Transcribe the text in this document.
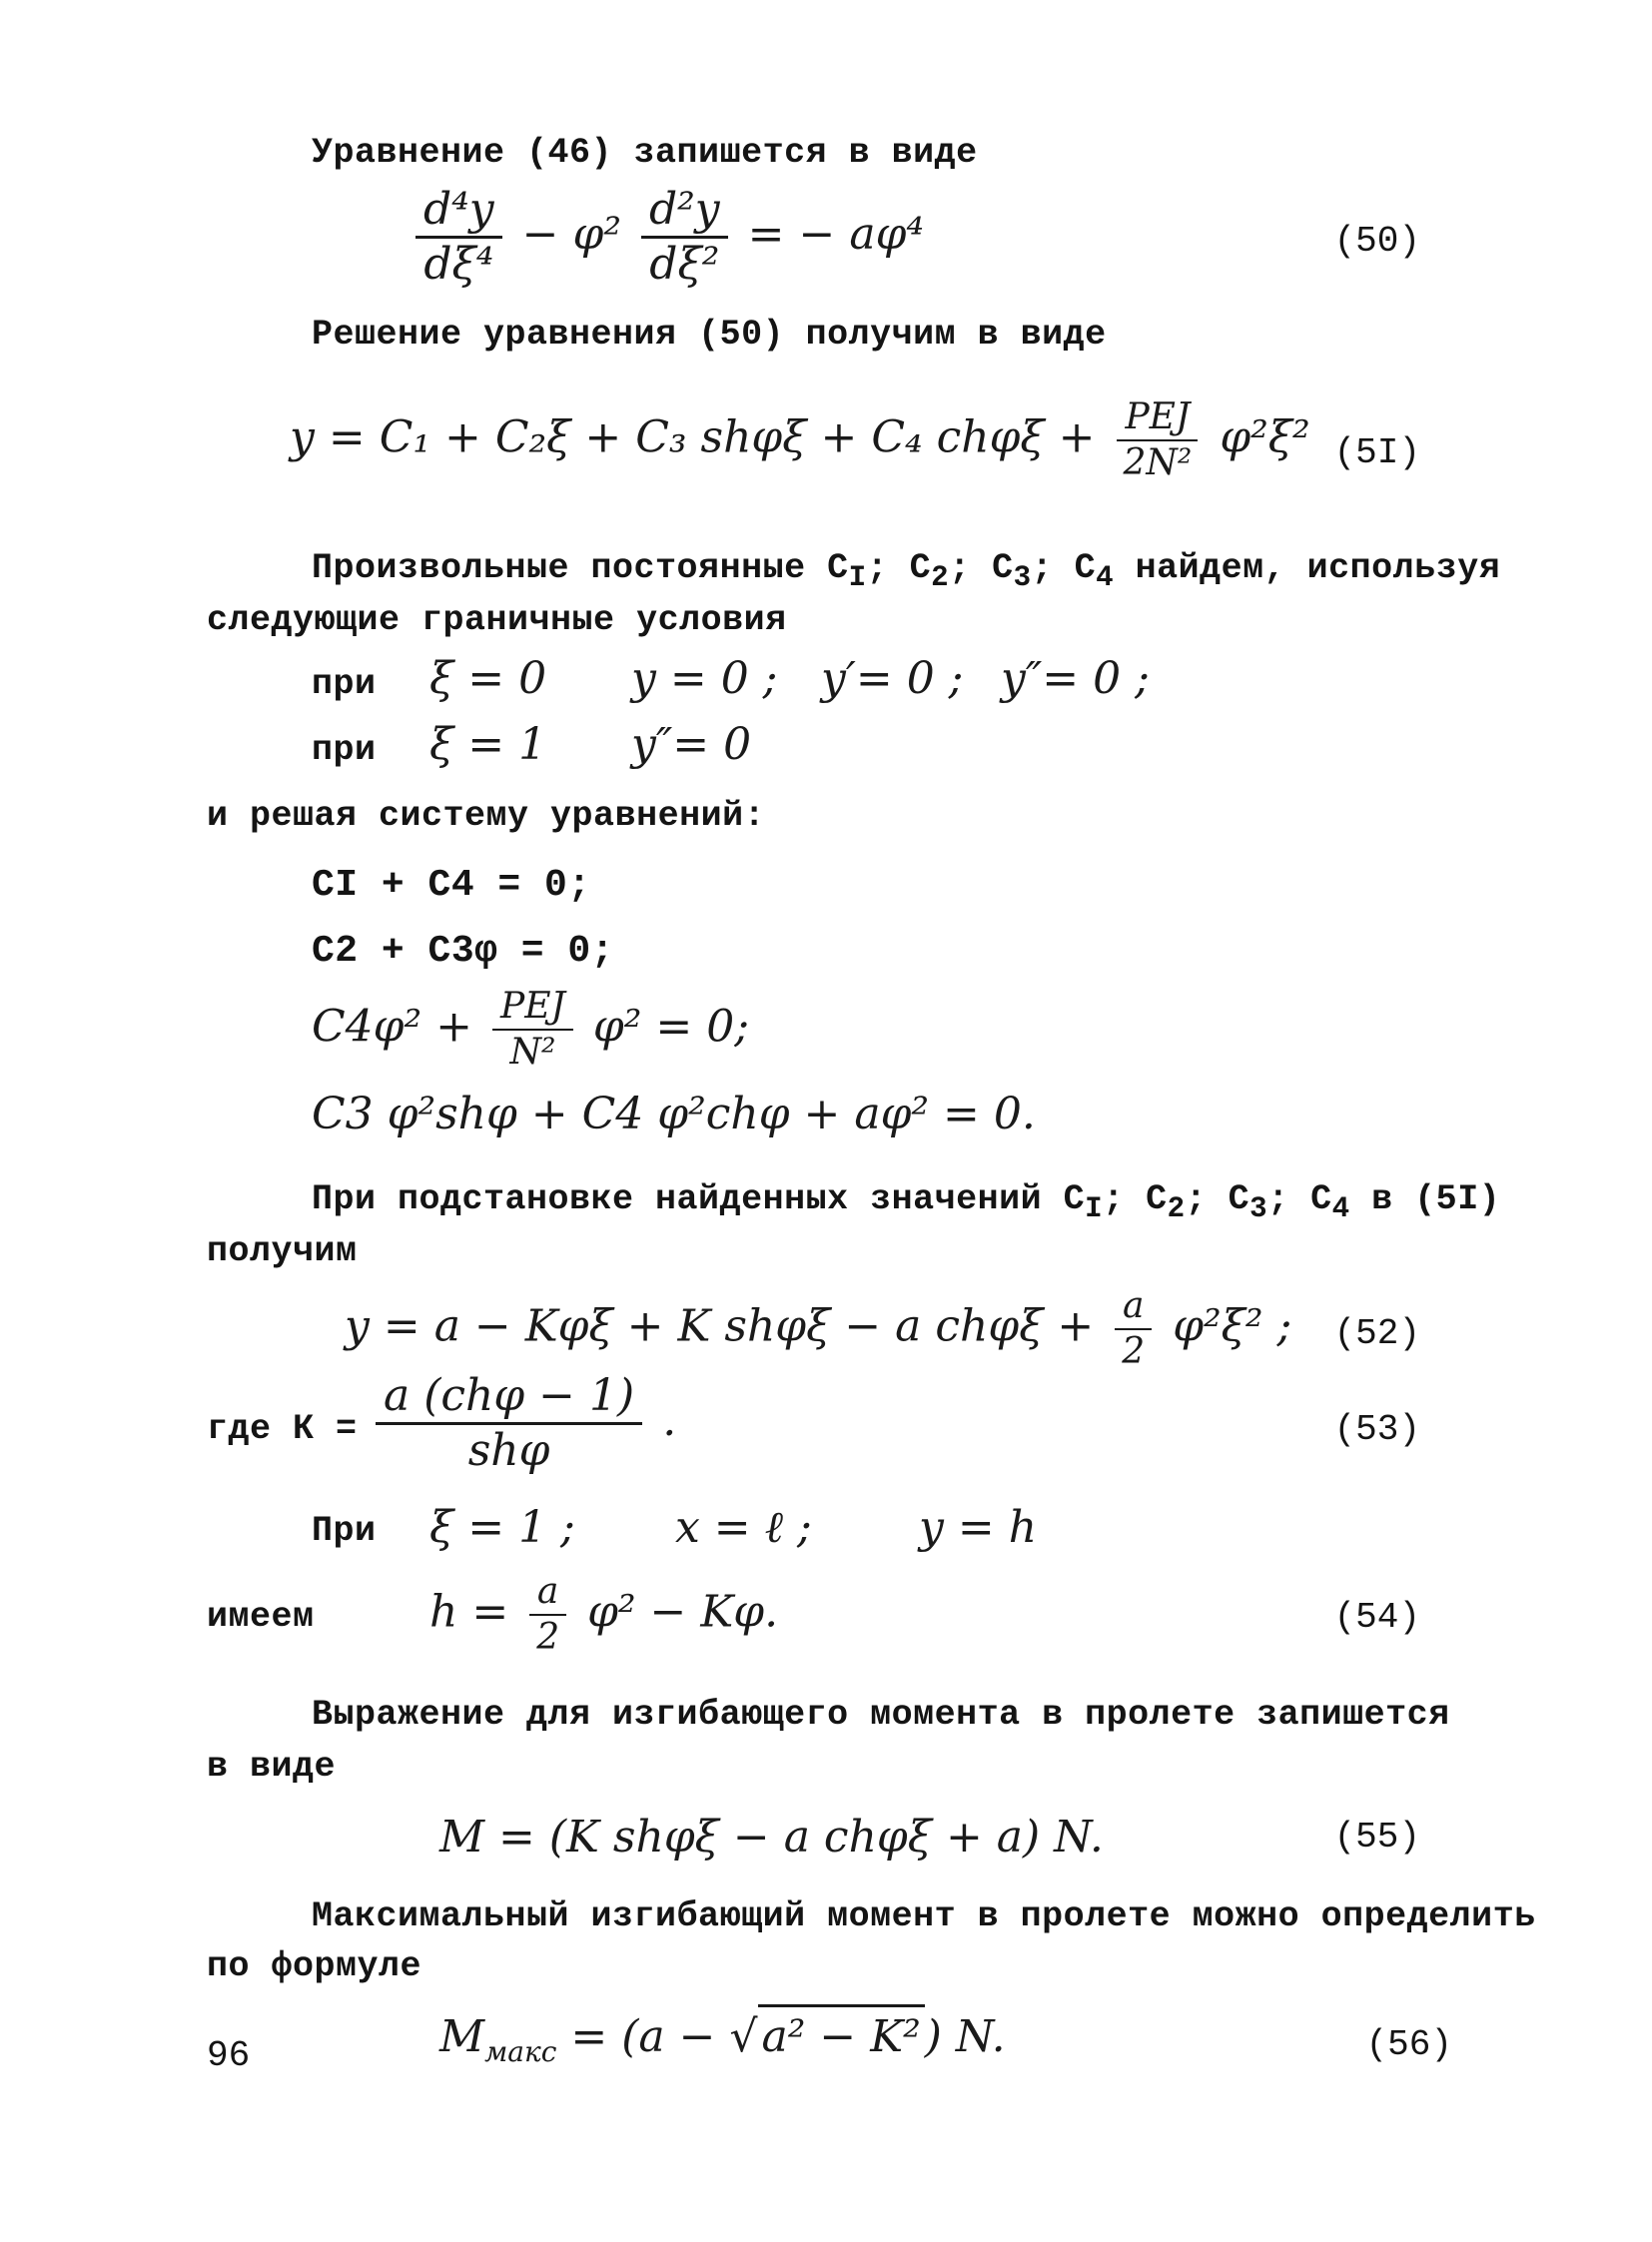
Уравнение (46) запишется в виде
$\frac{\text{d⁴y}}{\text{dξ⁴}} - \varphi^2 \frac{\text{d²y}}{\text{dξ²}}$ = − aφ⁴	(50)
Решение уравнения (50) получим в виде
y = C₁ + C₂ξ + C₃ shφξ + C₄ $ch\varphi\xi + \frac{\text{PEJ}}{\text{2N²}} \varphi^2\xi^2$ (5I)
Произвольные постоянные $C_I$; $C_2$; $C_3$; $C_4$ найдем, используя
следующие граничные условия
при ξ = 0 y = 0 ; y′= 0 ; y″= 0 ;
при ξ = 1 y″= 0
и решая систему уравнений:
CI + C4 = 0;
C2 + C3φ = 0;
$C4\varphi^2 + \frac{\text{PEJ}}{\text{N²}} \varphi^2 = 0$;
C3 φ²shφ + C4 φ²chφ + aφ² = 0.
При подстановке найденных значений $C_I$; $C_2$; $C_3$; $C_4$ в (5I)
получим
y = a − Kφξ + K shφξ − a $ch\varphi\xi + \frac{a}{2} \varphi^2\xi^2$ ; (52)
где $К = \frac{\text{a (chφ − 1)}}{\text{shφ}}$ .	(53)
При ξ = 1 ; x = ℓ ; y = h
имеем	$h = \frac{a}{2} \varphi^2 - K\varphi$.	(54)
Выражение для изгибающего момента в пролете запишется
в виде
M = (K shφξ − a chφξ + a) N.	(55)
Максимальный изгибающий момент в пролете можно определить
по формуле
$M_{макс} = (a - √a^2 - K^2)$ N.	(56)
96
